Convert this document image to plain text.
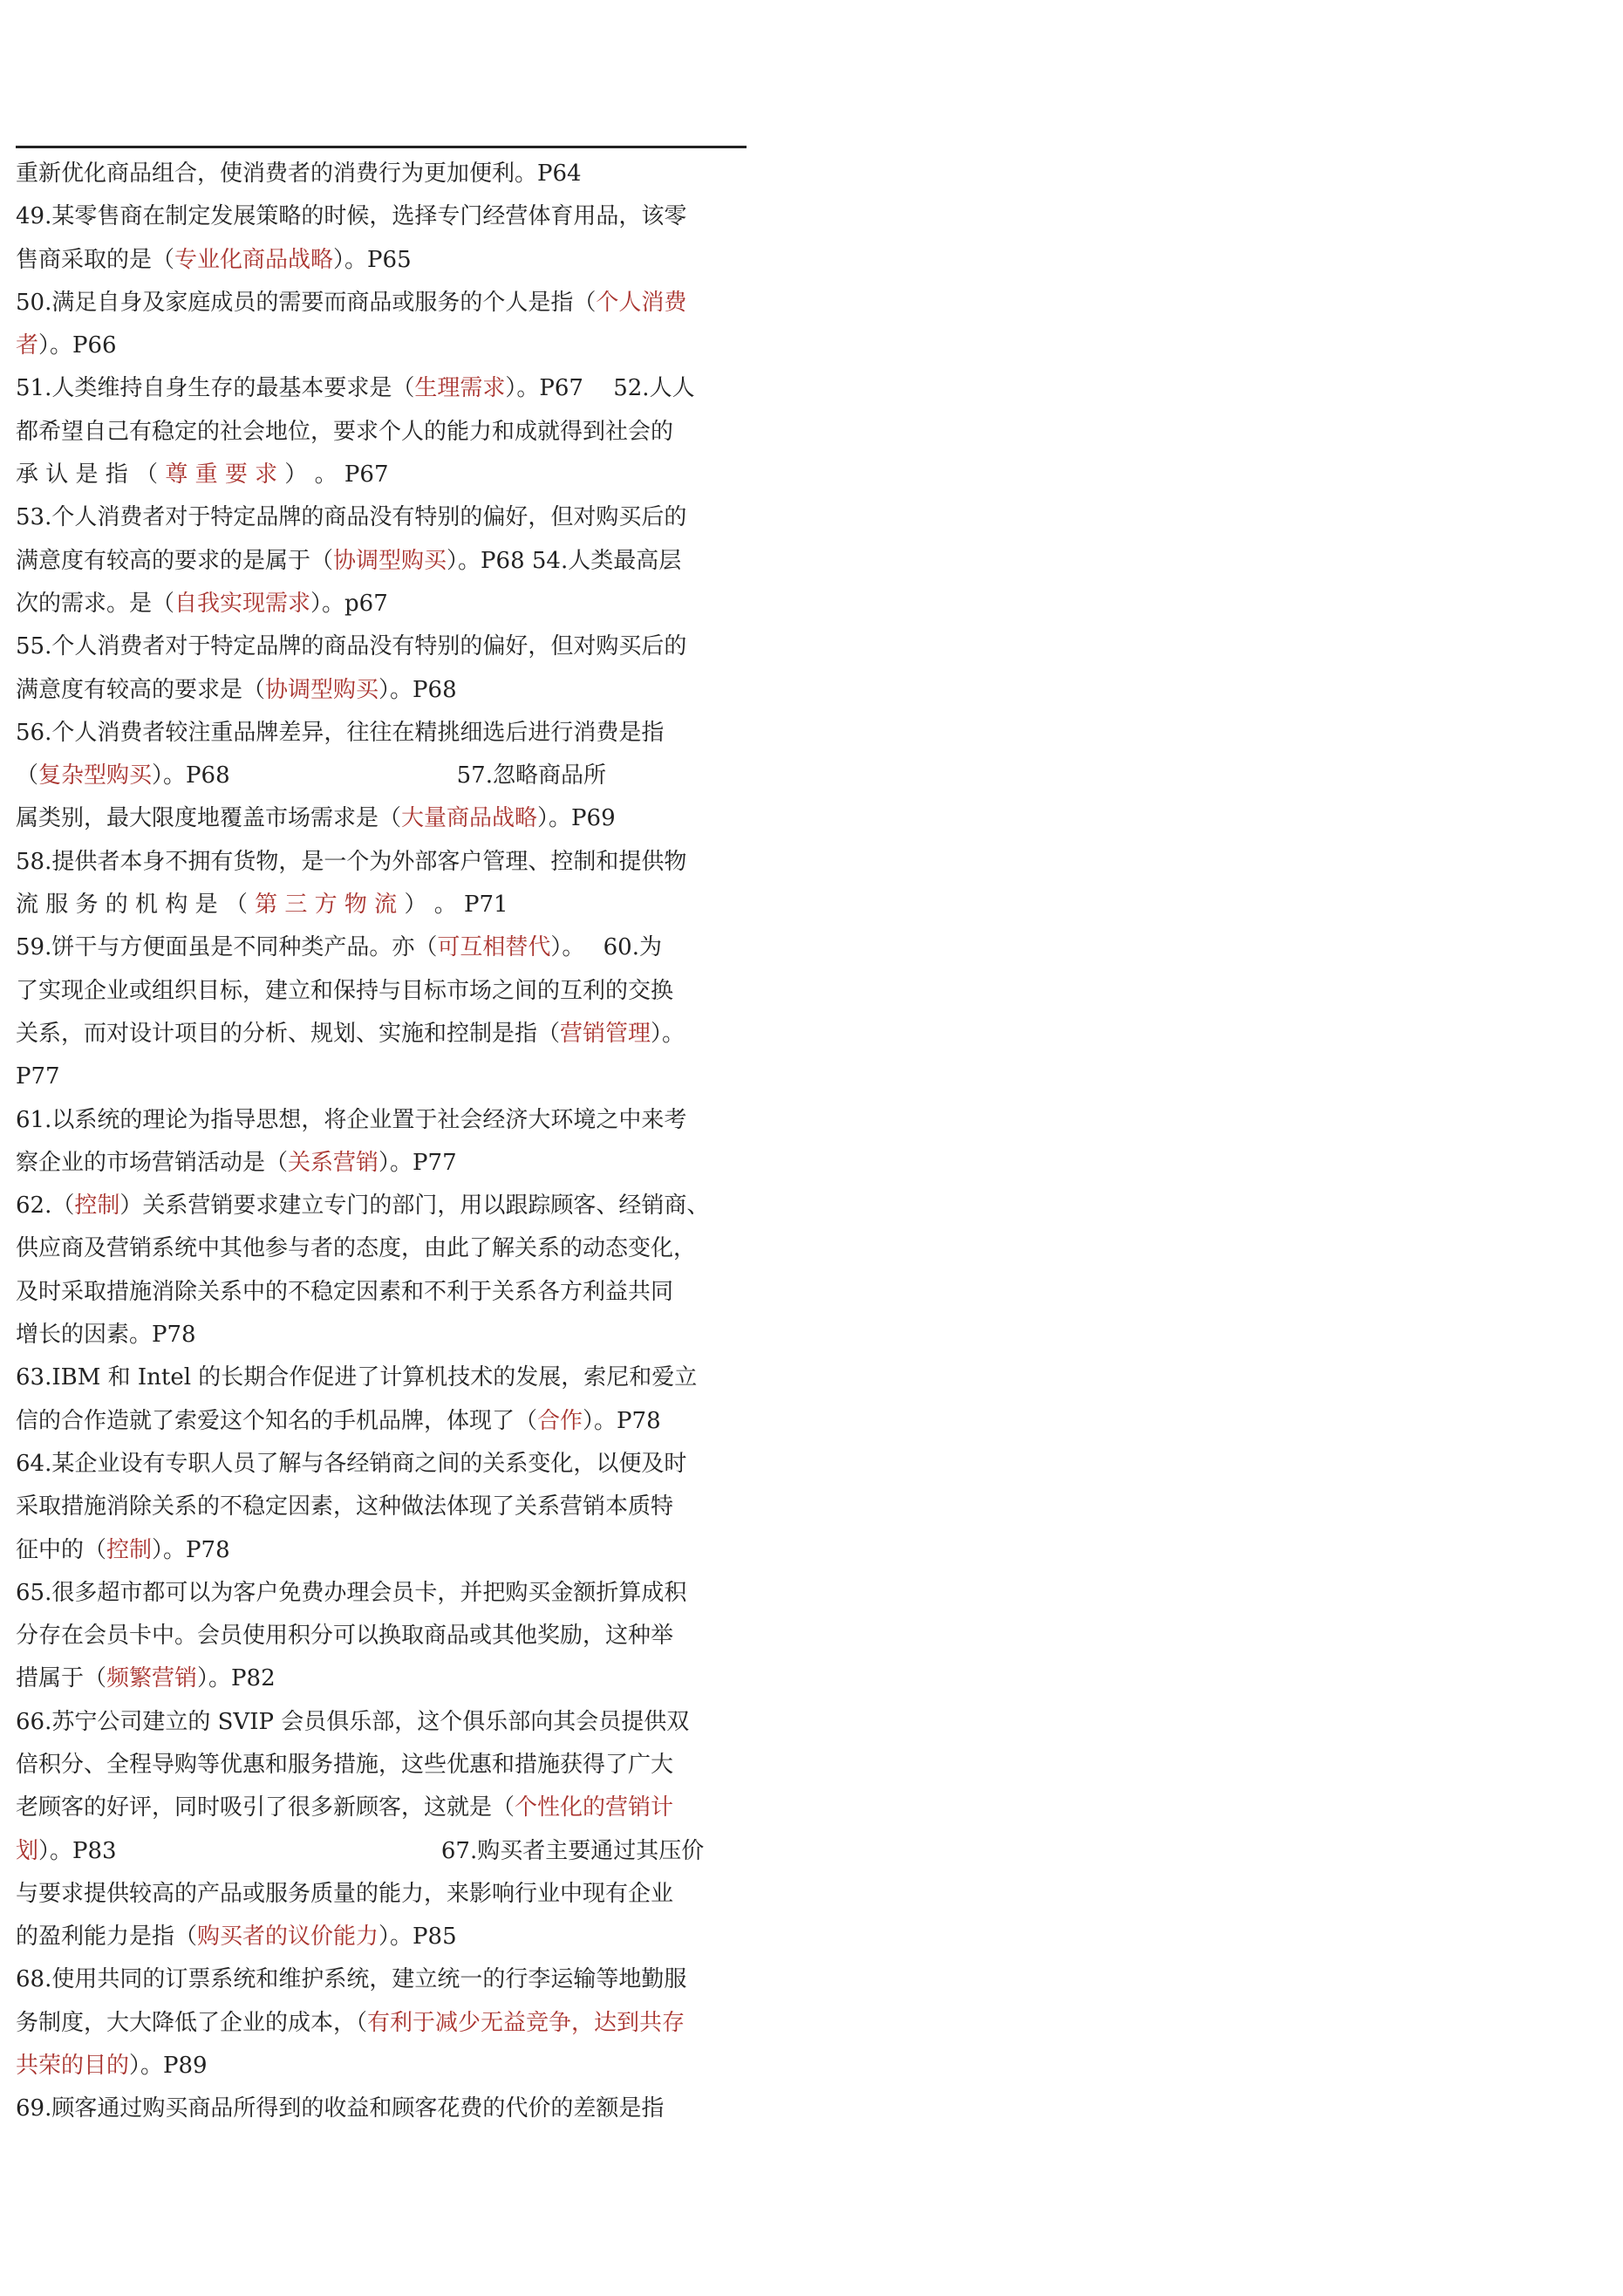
重新优化商品组合，使消费者的消费行为更加便利。P64
49.某零售商在制定发展策略的时候，选择专门经营体育用品，该零
售商采取的是（专业化商品战略）。P65
50.满足自身及家庭成员的需要而商品或服务的个人是指（个人消费
者）。P66
51.人类维持自身生存的最基本要求是（生理需求）。P67　 52.人人
都希望自己有稳定的社会地位，要求个人的能力和成就得到社会的
承 认 是 指 （ 尊 重 要 求 ） 。 P67
53.个人消费者对于特定品牌的商品没有特别的偏好，但对购买后的
满意度有较高的要求的是属于（协调型购买）。P68 54.人类最高层
次的需求。是（自我实现需求）。p67
55.个人消费者对于特定品牌的商品没有特别的偏好，但对购买后的
满意度有较高的要求是（协调型购买）。P68
56.个人消费者较注重品牌差异，往往在精挑细选后进行消费是指
（复杂型购买）。P68　　　　　　　　　　57.忽略商品所
属类别，最大限度地覆盖市场需求是（大量商品战略）。P69
58.提供者本身不拥有货物，是一个为外部客户管理、控制和提供物
流 服 务 的 机 构 是 （ 第 三 方 物 流 ） 。 P71
59.饼干与方便面虽是不同种类产品。亦（可互相替代）。　 60.为
了实现企业或组织目标，建立和保持与目标市场之间的互利的交换
关系，而对设计项目的分析、规划、实施和控制是指（营销管理）。
P77
61.以系统的理论为指导思想，将企业置于社会经济大环境之中来考
察企业的市场营销活动是（关系营销）。P77
62.（控制）关系营销要求建立专门的部门，用以跟踪顾客、经销商、
供应商及营销系统中其他参与者的态度，由此了解关系的动态变化，
及时采取措施消除关系中的不稳定因素和不利于关系各方利益共同
增长的因素。P78
63.IBM 和 Intel 的长期合作促进了计算机技术的发展，索尼和爱立
信的合作造就了索爱这个知名的手机品牌，体现了（合作）。P78
64.某企业设有专职人员了解与各经销商之间的关系变化，以便及时
采取措施消除关系的不稳定因素，这种做法体现了关系营销本质特
征中的（控制）。P78
65.很多超市都可以为客户免费办理会员卡，并把购买金额折算成积
分存在会员卡中。会员使用积分可以换取商品或其他奖励，这种举
措属于（频繁营销）。P82
66.苏宁公司建立的 SVIP 会员俱乐部，这个俱乐部向其会员提供双
倍积分、全程导购等优惠和服务措施，这些优惠和措施获得了广大
老顾客的好评，同时吸引了很多新顾客，这就是（个性化的营销计
划）。P83　　　　　　　　　　　　　　 67.购买者主要通过其压价
与要求提供较高的产品或服务质量的能力，来影响行业中现有企业
的盈利能力是指（购买者的议价能力）。P85
68.使用共同的订票系统和维护系统，建立统一的行李运输等地勤服
务制度，大大降低了企业的成本，（有利于减少无益竞争，达到共存
共荣的目的）。P89
69.顾客通过购买商品所得到的收益和顾客花费的代价的差额是指
